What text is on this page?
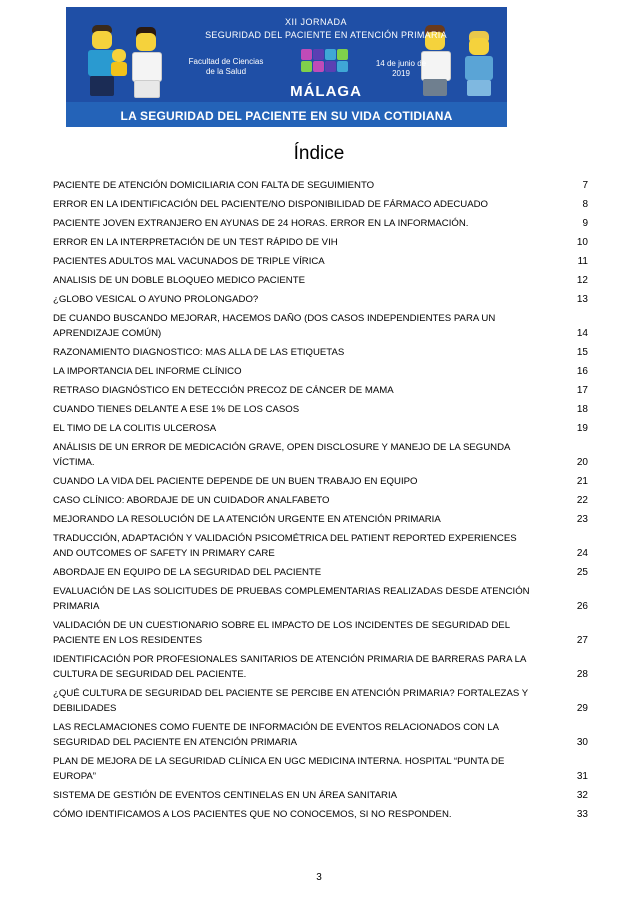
XII JORNADA
SEGURIDAD DEL PACIENTE EN ATENCIÓN PRIMARIA
Facultad de Ciencias de la Salud
14 de junio de 2019
MÁLAGA
LA SEGURIDAD DEL PACIENTE EN SU VIDA COTIDIANA
Índice
PACIENTE DE ATENCIÓN DOMICILIARIA CON FALTA DE SEGUIMIENTO	7
ERROR EN LA IDENTIFICACIÓN DEL PACIENTE/NO DISPONIBILIDAD DE FÁRMACO ADECUADO	8
PACIENTE JOVEN EXTRANJERO EN AYUNAS DE 24 HORAS. ERROR EN LA INFORMACIÓN.	9
ERROR EN LA INTERPRETACIÓN DE UN TEST RÁPIDO DE VIH	10
PACIENTES ADULTOS MAL VACUNADOS DE TRIPLE VÍRICA	11
ANALISIS DE UN DOBLE BLOQUEO MEDICO PACIENTE	12
¿GLOBO VESICAL O AYUNO PROLONGADO?	13
DE CUANDO BUSCANDO MEJORAR, HACEMOS DAÑO (DOS CASOS INDEPENDIENTES PARA UN APRENDIZAJE COMÚN)	14
RAZONAMIENTO DIAGNOSTICO: MAS ALLA DE LAS ETIQUETAS	15
LA IMPORTANCIA DEL INFORME CLÍNICO	16
RETRASO DIAGNÓSTICO EN DETECCIÓN PRECOZ DE CÁNCER DE MAMA	17
CUANDO TIENES DELANTE A ESE 1% DE LOS CASOS	18
EL TIMO DE LA COLITIS ULCEROSA	19
ANÁLISIS DE UN ERROR DE MEDICACIÓN GRAVE, OPEN DISCLOSURE Y MANEJO DE LA SEGUNDA VÍCTIMA.	20
CUANDO LA VIDA DEL PACIENTE DEPENDE DE UN BUEN TRABAJO EN EQUIPO	21
CASO CLÍNICO: ABORDAJE DE UN CUIDADOR ANALFABETO	22
MEJORANDO LA RESOLUCIÓN DE LA ATENCIÓN URGENTE EN ATENCIÓN PRIMARIA	23
TRADUCCIÓN, ADAPTACIÓN Y VALIDACIÓN PSICOMÉTRICA DEL PATIENT REPORTED EXPERIENCES AND OUTCOMES OF SAFETY IN PRIMARY CARE	24
ABORDAJE EN EQUIPO DE LA SEGURIDAD DEL PACIENTE	25
EVALUACIÓN DE LAS SOLICITUDES DE PRUEBAS COMPLEMENTARIAS REALIZADAS DESDE ATENCIÓN PRIMARIA	26
VALIDACIÓN DE UN CUESTIONARIO SOBRE EL IMPACTO DE LOS INCIDENTES DE SEGURIDAD DEL PACIENTE EN LOS RESIDENTES	27
IDENTIFICACIÓN POR PROFESIONALES SANITARIOS DE ATENCIÓN PRIMARIA DE BARRERAS PARA LA CULTURA DE SEGURIDAD DEL PACIENTE.	28
¿QUÉ CULTURA DE SEGURIDAD DEL PACIENTE SE PERCIBE EN ATENCIÓN PRIMARIA? FORTALEZAS Y DEBILIDADES	29
LAS RECLAMACIONES COMO FUENTE DE INFORMACIÓN DE EVENTOS RELACIONADOS CON LA SEGURIDAD DEL PACIENTE EN ATENCIÓN PRIMARIA	30
PLAN DE MEJORA DE LA SEGURIDAD CLÍNICA EN UGC MEDICINA INTERNA. HOSPITAL “PUNTA DE EUROPA”	31
SISTEMA DE GESTIÓN DE EVENTOS CENTINELAS EN UN ÁREA SANITARIA	32
CÓMO IDENTIFICAMOS A LOS PACIENTES QUE NO CONOCEMOS, SI NO RESPONDEN.	33
3
